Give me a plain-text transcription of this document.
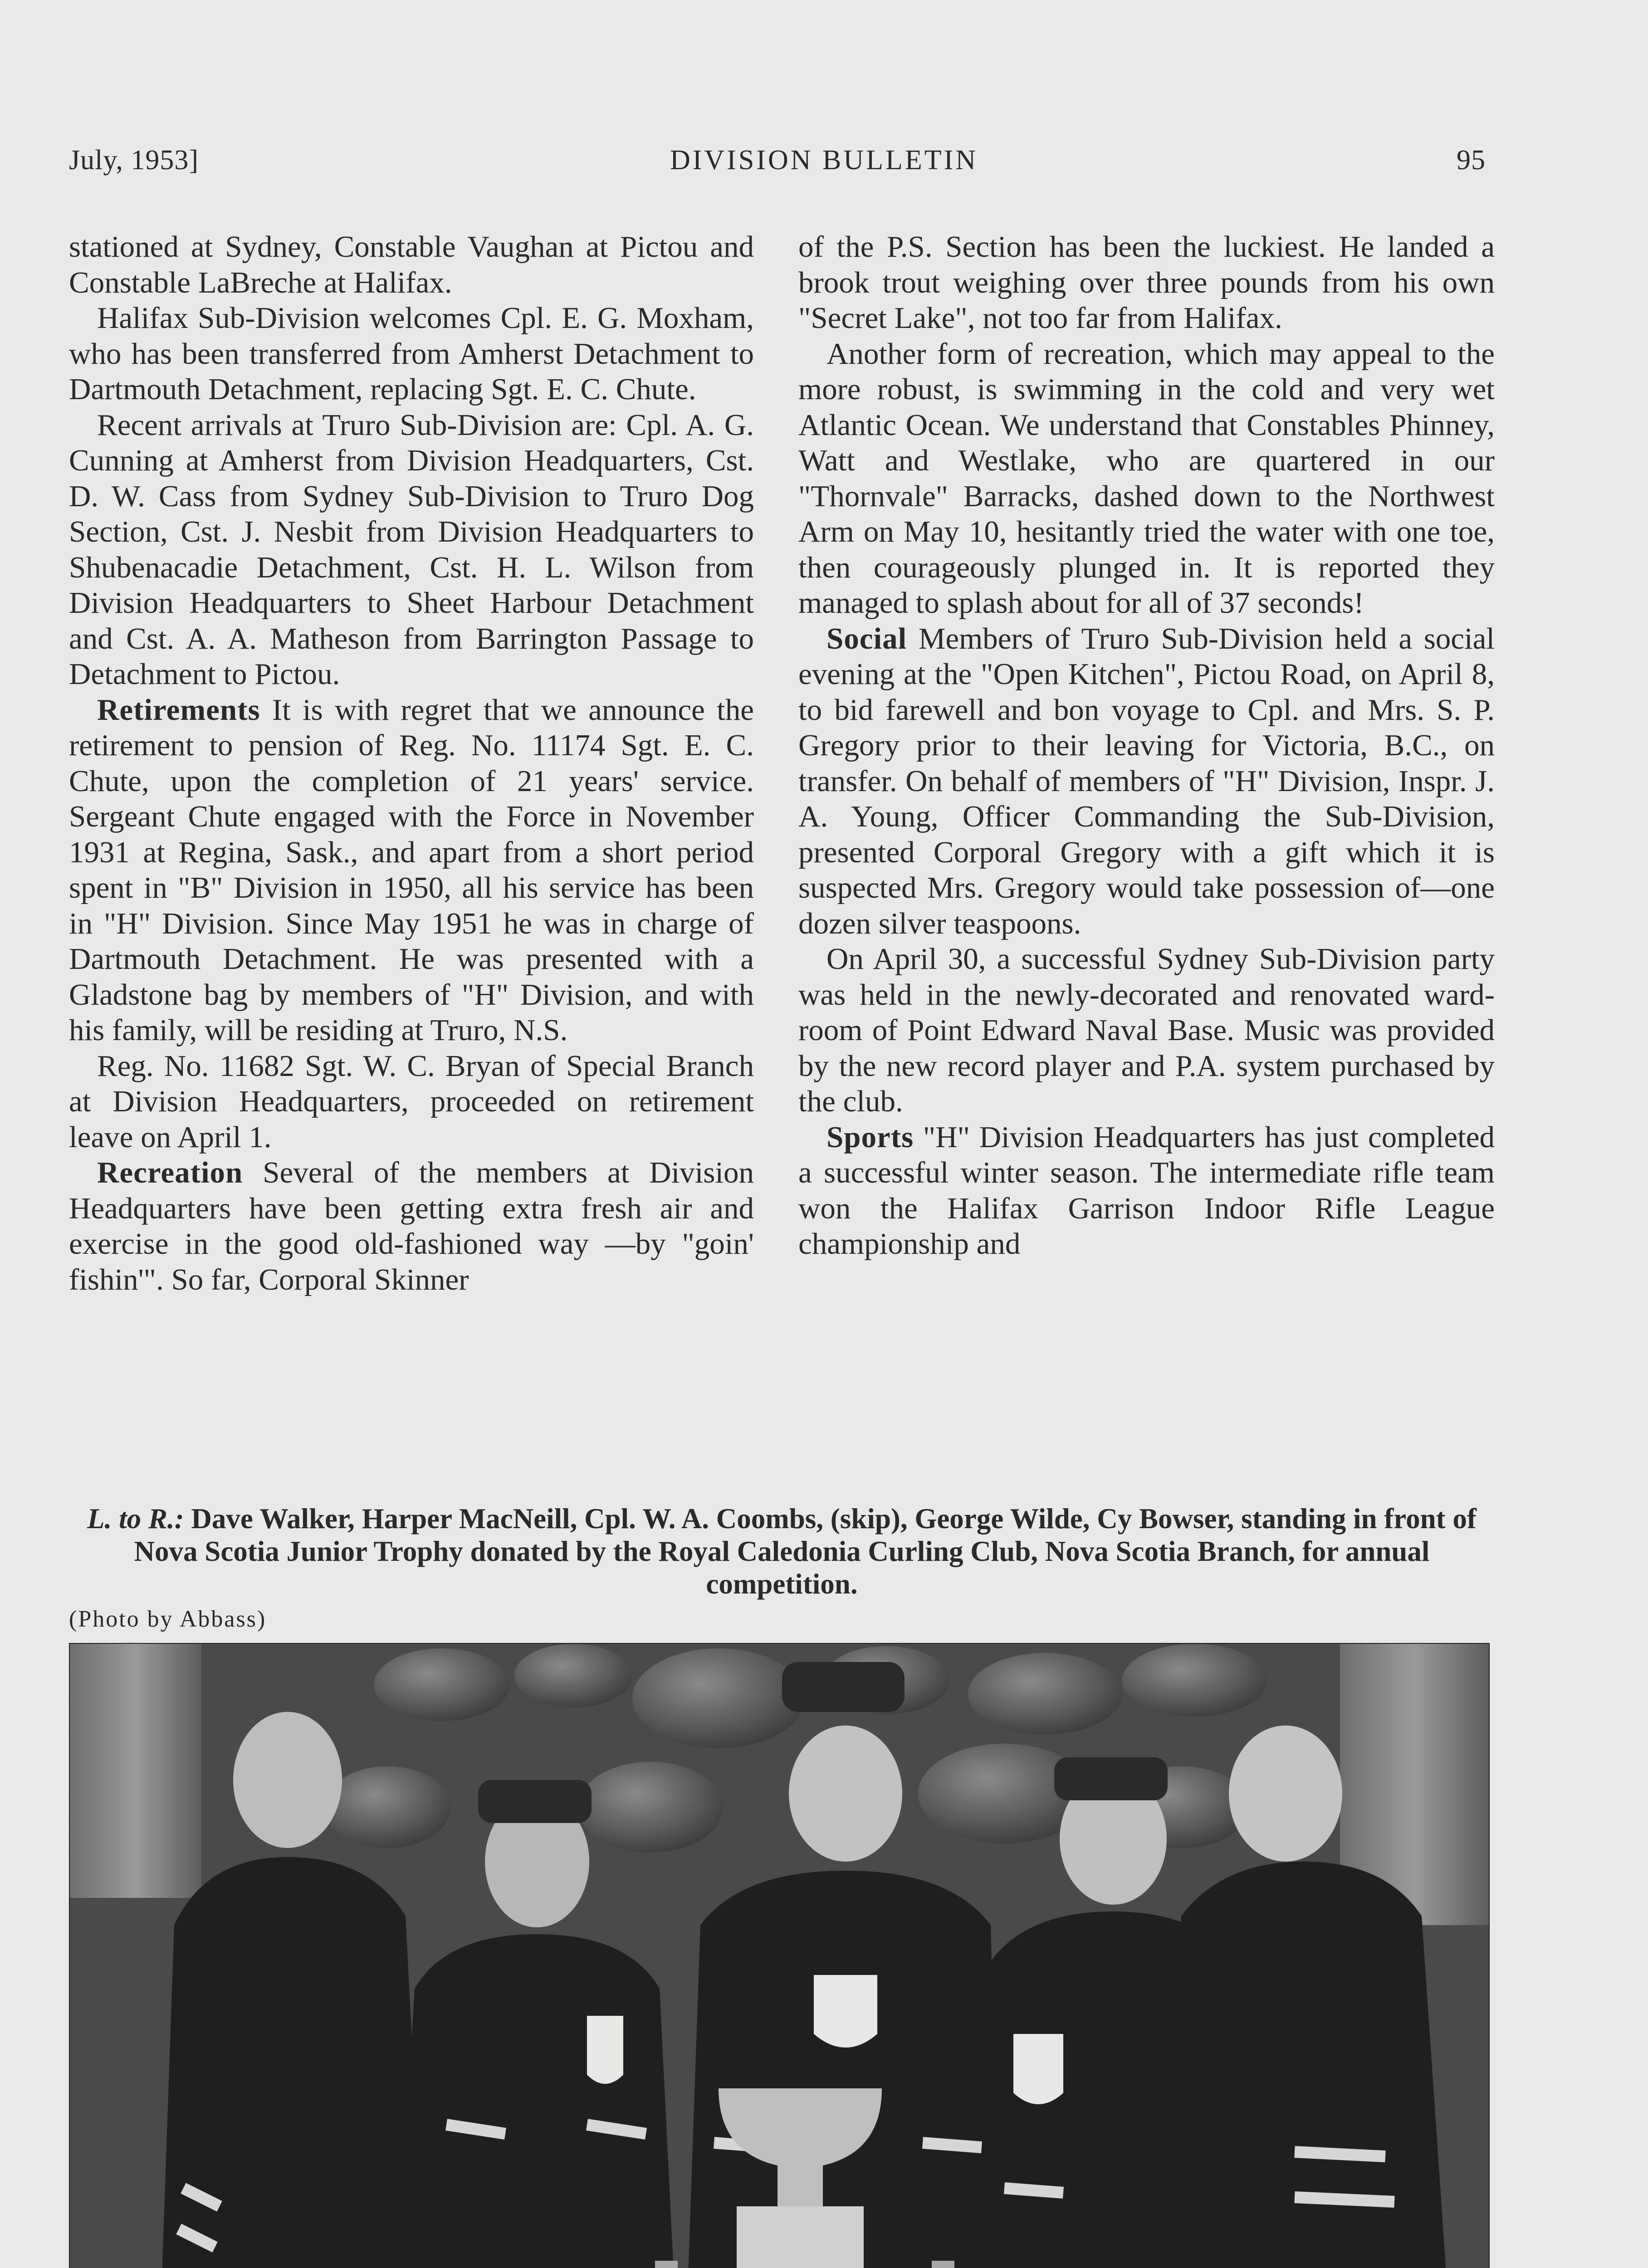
July, 1953]	DIVISION BULLETIN	95

stationed at Sydney, Constable Vaughan at Pictou and Constable LaBreche at Halifax.

Halifax Sub-Division welcomes Cpl. E. G. Moxham, who has been transferred from Amherst Detachment to Dartmouth Detachment, replacing Sgt. E. C. Chute.

Recent arrivals at Truro Sub-Division are: Cpl. A. G. Cunning at Amherst from Division Headquarters, Cst. D. W. Cass from Sydney Sub-Division to Truro Dog Section, Cst. J. Nesbit from Division Headquarters to Shubenacadie Detachment, Cst. H. L. Wilson from Division Headquarters to Sheet Harbour Detachment and Cst. A. A. Matheson from Barrington Passage to Detachment to Pictou.

Retirements It is with regret that we announce the retirement to pension of Reg. No. 11174 Sgt. E. C. Chute, upon the completion of 21 years' service. Sergeant Chute engaged with the Force in November 1931 at Regina, Sask., and apart from a short period spent in "B" Division in 1950, all his service has been in "H" Division. Since May 1951 he was in charge of Dartmouth Detachment. He was presented with a Gladstone bag by members of "H" Division, and with his family, will be residing at Truro, N.S.

Reg. No. 11682 Sgt. W. C. Bryan of Special Branch at Division Headquarters, proceeded on retirement leave on April 1.

Recreation Several of the members at Division Headquarters have been getting extra fresh air and exercise in the good old-fashioned way —by "goin' fishin'". So far, Corporal Skinner

of the P.S. Section has been the luckiest. He landed a brook trout weighing over three pounds from his own "Secret Lake", not too far from Halifax.

Another form of recreation, which may appeal to the more robust, is swimming in the cold and very wet Atlantic Ocean. We understand that Constables Phinney, Watt and Westlake, who are quartered in our "Thornvale" Barracks, dashed down to the Northwest Arm on May 10, hesitantly tried the water with one toe, then courageously plunged in. It is reported they managed to splash about for all of 37 seconds!

Social Members of Truro Sub-Division held a social evening at the "Open Kitchen", Pictou Road, on April 8, to bid farewell and bon voyage to Cpl. and Mrs. S. P. Gregory prior to their leaving for Victoria, B.C., on transfer. On behalf of members of "H" Division, Inspr. J. A. Young, Officer Commanding the Sub-Division, presented Corporal Gregory with a gift which it is suspected Mrs. Gregory would take possession of—one dozen silver teaspoons.

On April 30, a successful Sydney Sub-Division party was held in the newly-decorated and renovated ward-room of Point Edward Naval Base. Music was provided by the new record player and P.A. system purchased by the club.

Sports "H" Division Headquarters has just completed a successful winter season. The intermediate rifle team won the Halifax Garrison Indoor Rifle League championship and

L. to R.: Dave Walker, Harper MacNeill, Cpl. W. A. Coombs, (skip), George Wilde, Cy Bowser, standing in front of Nova Scotia Junior Trophy donated by the Royal Caledonia Curling Club, Nova Scotia Branch, for annual competition.
(Photo by Abbass)
